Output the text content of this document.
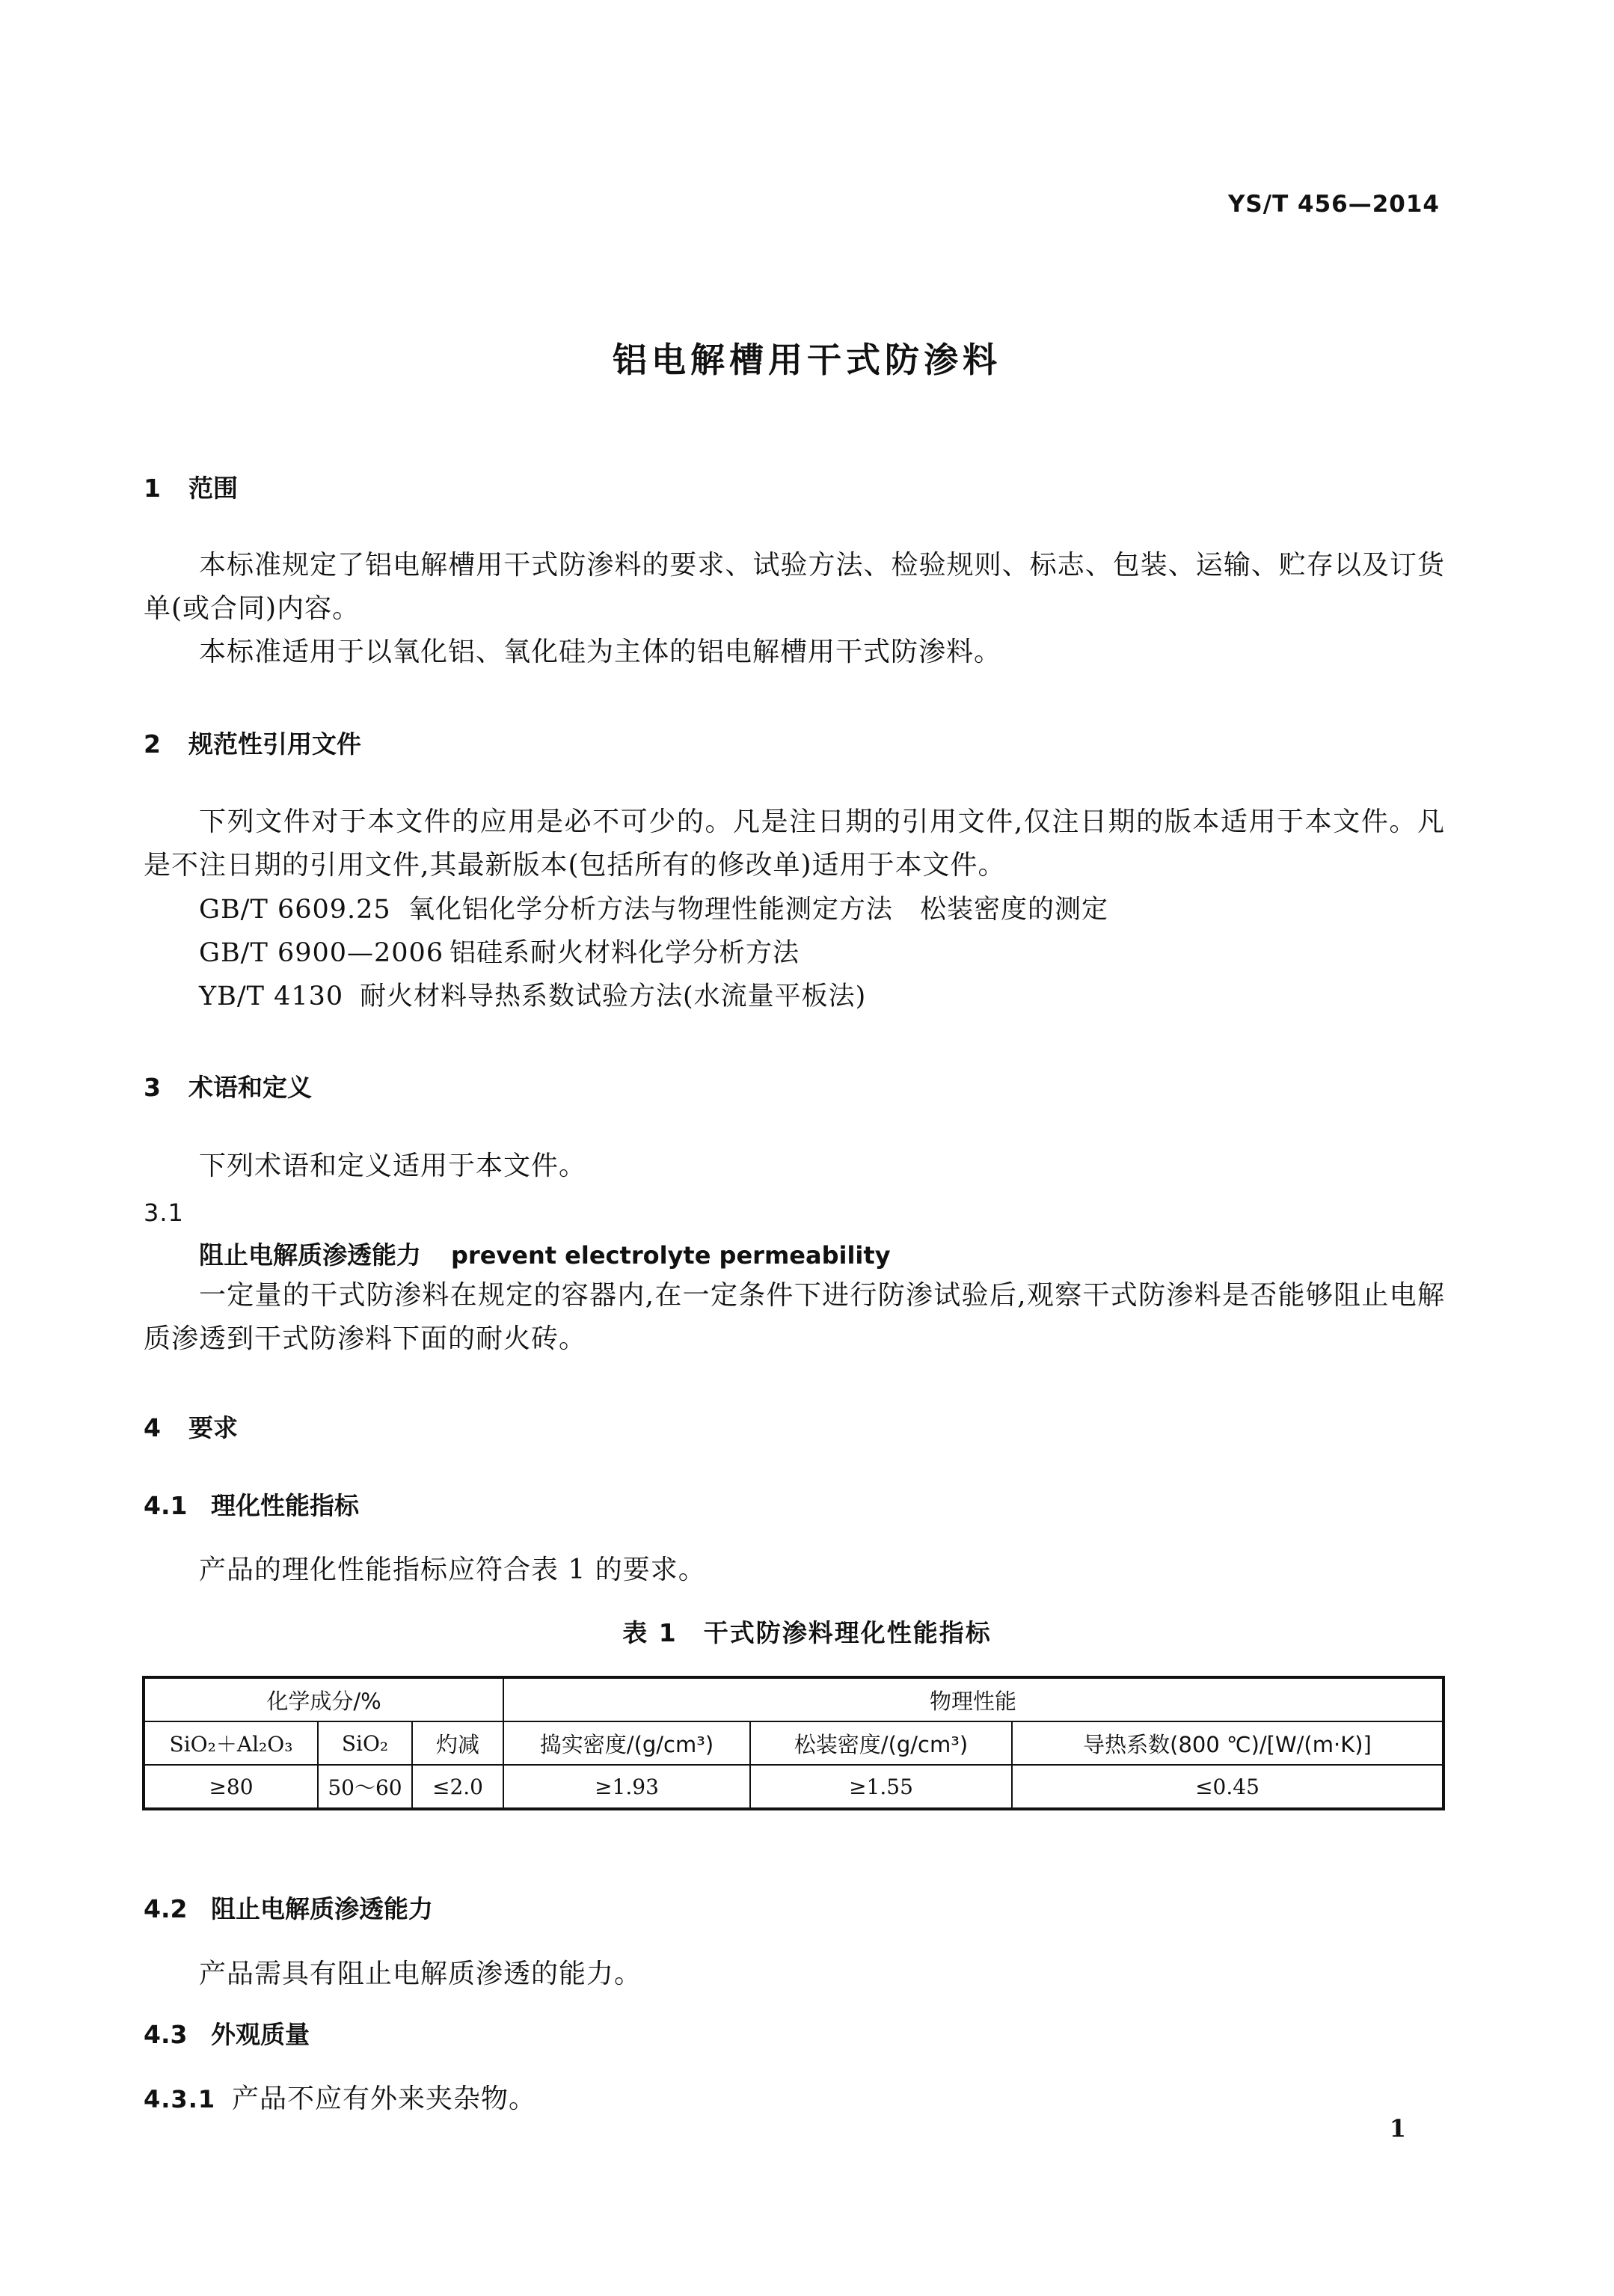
YS/T 456—2014
铝电解槽用干式防渗料
1 范围
本标准规定了铝电解槽用干式防渗料的要求、试验方法、检验规则、标志、包装、运输、贮存以及订货单(或合同)内容。
本标准适用于以氧化铝、氧化硅为主体的铝电解槽用干式防渗料。
2 规范性引用文件
下列文件对于本文件的应用是必不可少的。凡是注日期的引用文件,仅注日期的版本适用于本文件。凡是不注日期的引用文件,其最新版本(包括所有的修改单)适用于本文件。
GB/T 6609.25 氧化铝化学分析方法与物理性能测定方法　松装密度的测定
GB/T 6900—2006 铝硅系耐火材料化学分析方法
YB/T 4130 耐火材料导热系数试验方法(水流量平板法)
3 术语和定义
下列术语和定义适用于本文件。
3.1
阻止电解质渗透能力 prevent electrolyte permeability
一定量的干式防渗料在规定的容器内,在一定条件下进行防渗试验后,观察干式防渗料是否能够阻止电解质渗透到干式防渗料下面的耐火砖。
4 要求
4.1 理化性能指标
产品的理化性能指标应符合表 1 的要求。
表 1　干式防渗料理化性能指标
化学成分/%			物理性能		
SiO₂＋Al₂O₃	SiO₂	灼减	捣实密度/(g/cm³)	松装密度/(g/cm³)	导热系数(800 ℃)/[W/(m·K)]
≥80	50～60	≤2.0	≥1.93	≥1.55	≤0.45
4.2 阻止电解质渗透能力
产品需具有阻止电解质渗透的能力。
4.3 外观质量
4.3.1 产品不应有外来夹杂物。
1
